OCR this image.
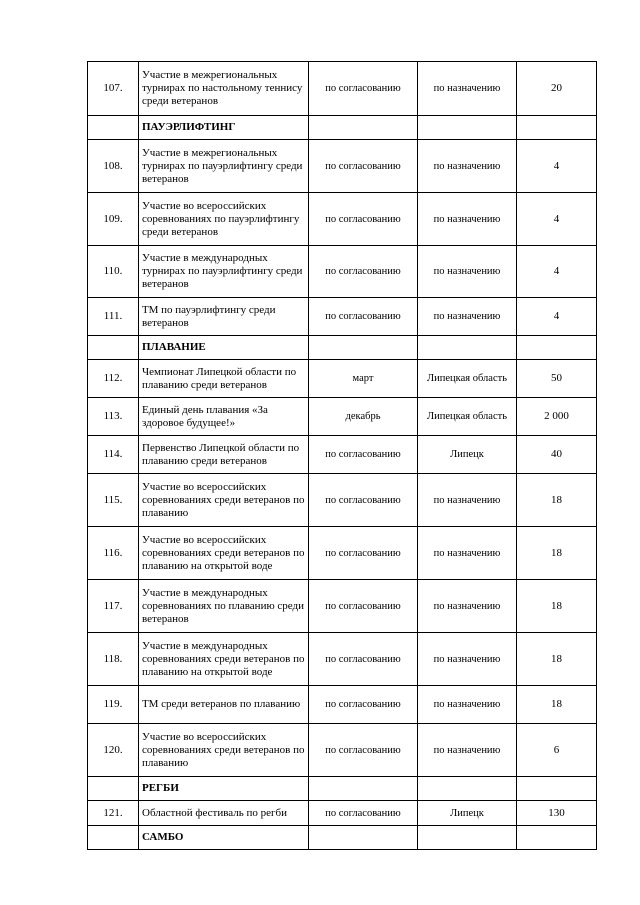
107.	Участие в межрегиональных турнирах по настольному теннису среди ветеранов	по согласованию	по назначению	20
	ПАУЭРЛИФТИНГ			
108.	Участие в межрегиональных турнирах по пауэрлифтингу среди ветеранов	по согласованию	по назначению	4
109.	Участие во всероссийских соревнованиях по пауэрлифтингу среди ветеранов	по согласованию	по назначению	4
110.	Участие в международных турнирах по пауэрлифтингу среди ветеранов	по согласованию	по назначению	4
111.	ТМ по пауэрлифтингу среди ветеранов	по согласованию	по назначению	4
	ПЛАВАНИЕ			
112.	Чемпионат Липецкой области по плаванию среди ветеранов	март	Липецкая область	50
113.	Единый день плавания «За здоровое будущее!»	декабрь	Липецкая область	2 000
114.	Первенство Липецкой области по плаванию среди ветеранов	по согласованию	Липецк	40
115.	Участие во всероссийских соревнованиях среди ветеранов по плаванию	по согласованию	по назначению	18
116.	Участие во всероссийских соревнованиях среди ветеранов по плаванию на открытой воде	по согласованию	по назначению	18
117.	Участие в международных соревнованиях по плаванию среди ветеранов	по согласованию	по назначению	18
118.	Участие в международных соревнованиях среди ветеранов по плаванию на открытой воде	по согласованию	по назначению	18
119.	ТМ среди ветеранов по плаванию	по согласованию	по назначению	18
120.	Участие во всероссийских соревнованиях среди ветеранов по плаванию	по согласованию	по назначению	6
	РЕГБИ			
121.	Областной фестиваль по регби	по согласованию	Липецк	130
	САМБО			
